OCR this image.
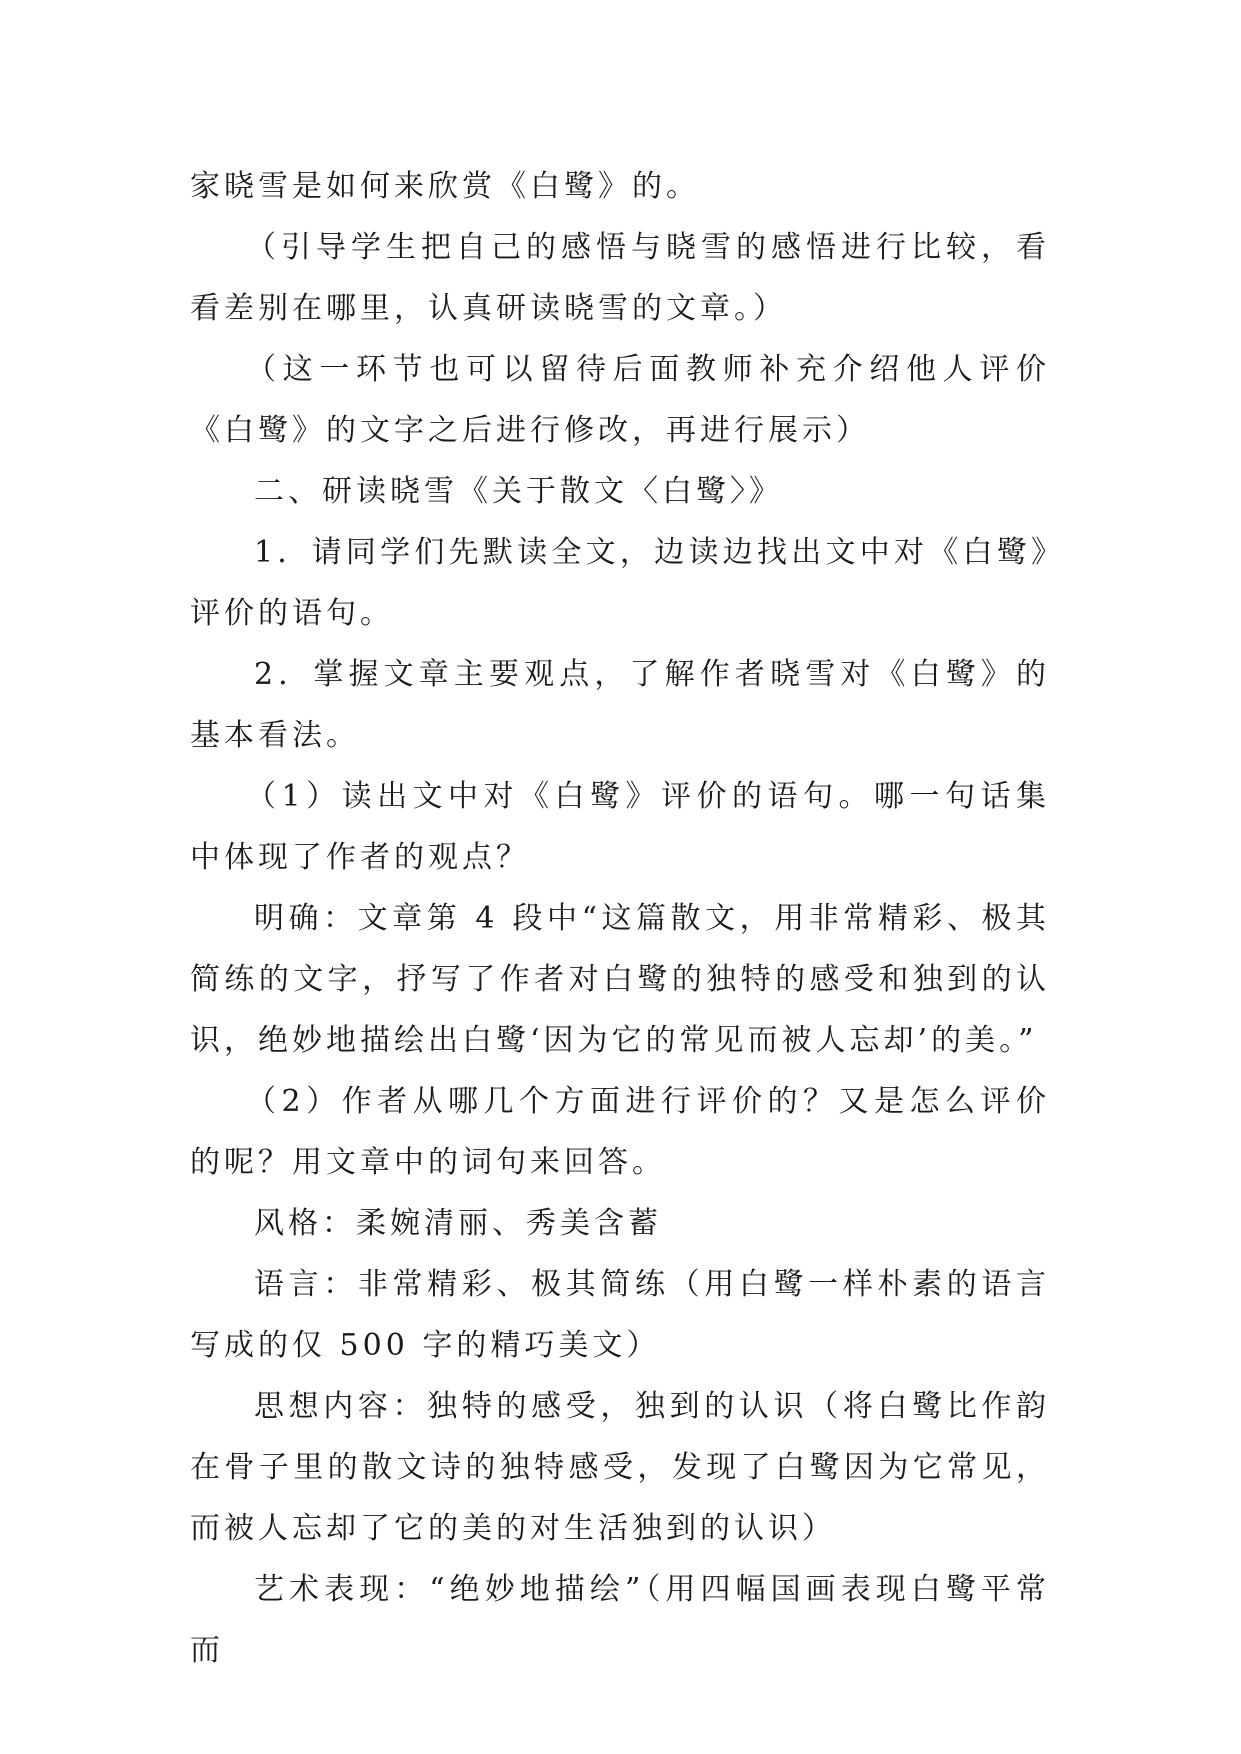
家晓雪是如何来欣赏《白鹭》的。

（引导学生把自己的感悟与晓雪的感悟进行比较，看看差别在哪里，认真研读晓雪的文章。）

（这一环节也可以留待后面教师补充介绍他人评价《白鹭》的文字之后进行修改，再进行展示）

二、研读晓雪《关于散文〈白鹭〉》

1．请同学们先默读全文，边读边找出文中对《白鹭》评价的语句。

2．掌握文章主要观点，了解作者晓雪对《白鹭》的基本看法。

（1）读出文中对《白鹭》评价的语句。哪一句话集中体现了作者的观点？

明确：文章第 4 段中“这篇散文，用非常精彩、极其简练的文字，抒写了作者对白鹭的独特的感受和独到的认识，绝妙地描绘出白鹭‘因为它的常见而被人忘却’的美。”

（2）作者从哪几个方面进行评价的？又是怎么评价的呢？用文章中的词句来回答。

风格：柔婉清丽、秀美含蓄

语言：非常精彩、极其简练（用白鹭一样朴素的语言写成的仅 500 字的精巧美文）

思想内容：独特的感受，独到的认识（将白鹭比作韵在骨子里的散文诗的独特感受，发现了白鹭因为它常见，而被人忘却了它的美的对生活独到的认识）

艺术表现：“绝妙地描绘”（用四幅国画表现白鹭平常而
